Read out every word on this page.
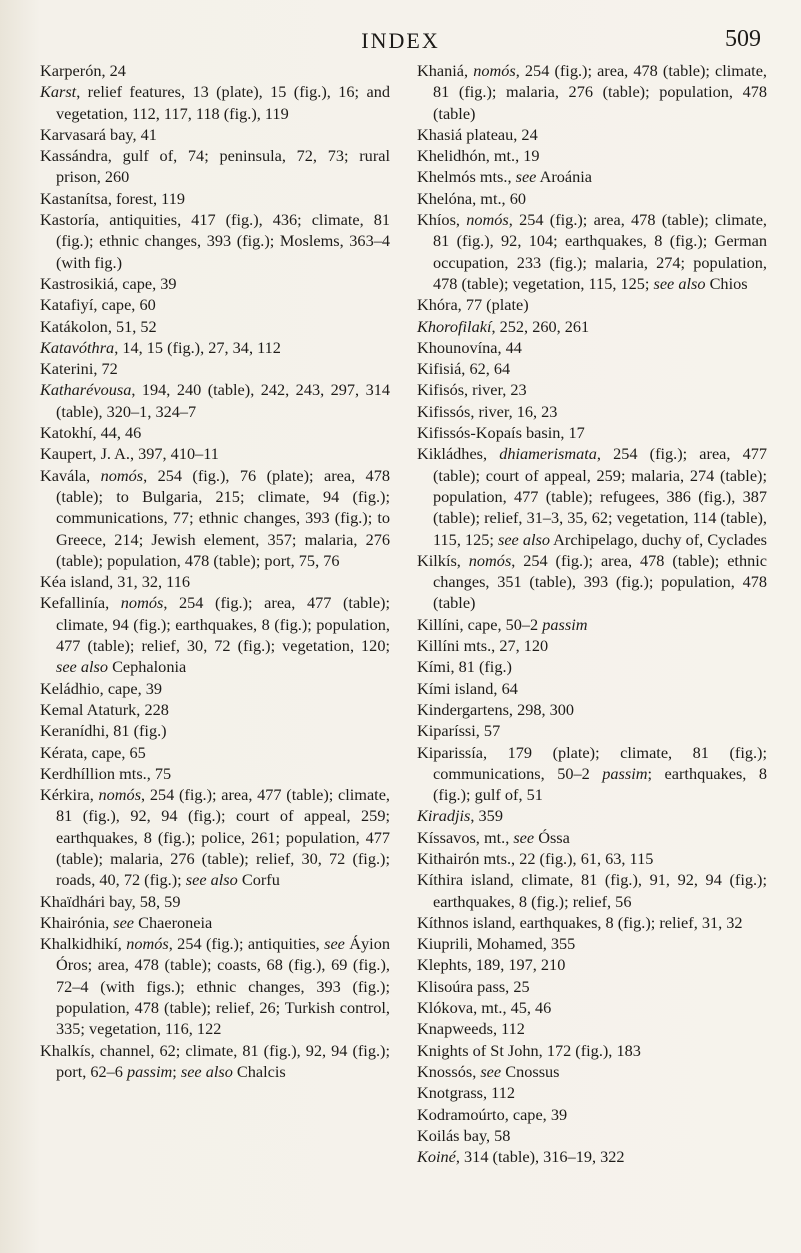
INDEX	509

Karperón, 24

Karst, relief features, 13 (plate), 15 (fig.), 16; and vegetation, 112, 117, 118 (fig.), 119

Karvasará bay, 41

Kassándra, gulf of, 74; peninsula, 72, 73; rural prison, 260

Kastanítsa, forest, 119

Kastoría, antiquities, 417 (fig.), 436; climate, 81 (fig.); ethnic changes, 393 (fig.); Moslems, 363–4 (with fig.)

Kastrosikiá, cape, 39

Katafiyí, cape, 60

Katákolon, 51, 52

Katavóthra, 14, 15 (fig.), 27, 34, 112

Katerini, 72

Katharévousa, 194, 240 (table), 242, 243, 297, 314 (table), 320–1, 324–7

Katokhí, 44, 46

Kaupert, J. A., 397, 410–11

Kavála, nomós, 254 (fig.), 76 (plate); area, 478 (table); to Bulgaria, 215; climate, 94 (fig.); communications, 77; ethnic changes, 393 (fig.); to Greece, 214; Jewish element, 357; malaria, 276 (table); population, 478 (table); port, 75, 76

Kéa island, 31, 32, 116

Kefallinía, nomós, 254 (fig.); area, 477 (table); climate, 94 (fig.); earthquakes, 8 (fig.); population, 477 (table); relief, 30, 72 (fig.); vegetation, 120; see also Cephalonia

Keládhio, cape, 39

Kemal Ataturk, 228

Keranídhi, 81 (fig.)

Kérata, cape, 65

Kerdhíllion mts., 75

Kérkira, nomós, 254 (fig.); area, 477 (table); climate, 81 (fig.), 92, 94 (fig.); court of appeal, 259; earthquakes, 8 (fig.); police, 261; population, 477 (table); malaria, 276 (table); relief, 30, 72 (fig.); roads, 40, 72 (fig.); see also Corfu

Khaïdhári bay, 58, 59

Khairónia, see Chaeroneia

Khalkidhikí, nomós, 254 (fig.); antiquities, see Áyion Óros; area, 478 (table); coasts, 68 (fig.), 69 (fig.), 72–4 (with figs.); ethnic changes, 393 (fig.); population, 478 (table); relief, 26; Turkish control, 335; vegetation, 116, 122

Khalkís, channel, 62; climate, 81 (fig.), 92, 94 (fig.); port, 62–6 passim; see also Chalcis

Khaniá, nomós, 254 (fig.); area, 478 (table); climate, 81 (fig.); malaria, 276 (table); population, 478 (table)

Khasiá plateau, 24

Khelidhón, mt., 19

Khelmós mts., see Aroánia

Khelóna, mt., 60

Khíos, nomós, 254 (fig.); area, 478 (table); climate, 81 (fig.), 92, 104; earthquakes, 8 (fig.); German occupation, 233 (fig.); malaria, 274; population, 478 (table); vegetation, 115, 125; see also Chios

Khóra, 77 (plate)

Khorofilakí, 252, 260, 261

Khounovína, 44

Kifisiá, 62, 64

Kifisós, river, 23

Kifissós, river, 16, 23

Kifissós-Kopaís basin, 17

Kikládhes, dhiamerismata, 254 (fig.); area, 477 (table); court of appeal, 259; malaria, 274 (table); population, 477 (table); refugees, 386 (fig.), 387 (table); relief, 31–3, 35, 62; vegetation, 114 (table), 115, 125; see also Archipelago, duchy of, Cyclades

Kilkís, nomós, 254 (fig.); area, 478 (table); ethnic changes, 351 (table), 393 (fig.); population, 478 (table)

Killíni, cape, 50–2 passim

Killíni mts., 27, 120

Kími, 81 (fig.)

Kími island, 64

Kindergartens, 298, 300

Kiparíssi, 57

Kiparissía, 179 (plate); climate, 81 (fig.); communications, 50–2 passim; earthquakes, 8 (fig.); gulf of, 51

Kiradjis, 359

Kíssavos, mt., see Óssa

Kithairón mts., 22 (fig.), 61, 63, 115

Kíthira island, climate, 81 (fig.), 91, 92, 94 (fig.); earthquakes, 8 (fig.); relief, 56

Kíthnos island, earthquakes, 8 (fig.); relief, 31, 32

Kiuprili, Mohamed, 355

Klephts, 189, 197, 210

Klisoúra pass, 25

Klókova, mt., 45, 46

Knapweeds, 112

Knights of St John, 172 (fig.), 183

Knossós, see Cnossus

Knotgrass, 112

Kodramoúrto, cape, 39

Koilás bay, 58

Koiné, 314 (table), 316–19, 322
